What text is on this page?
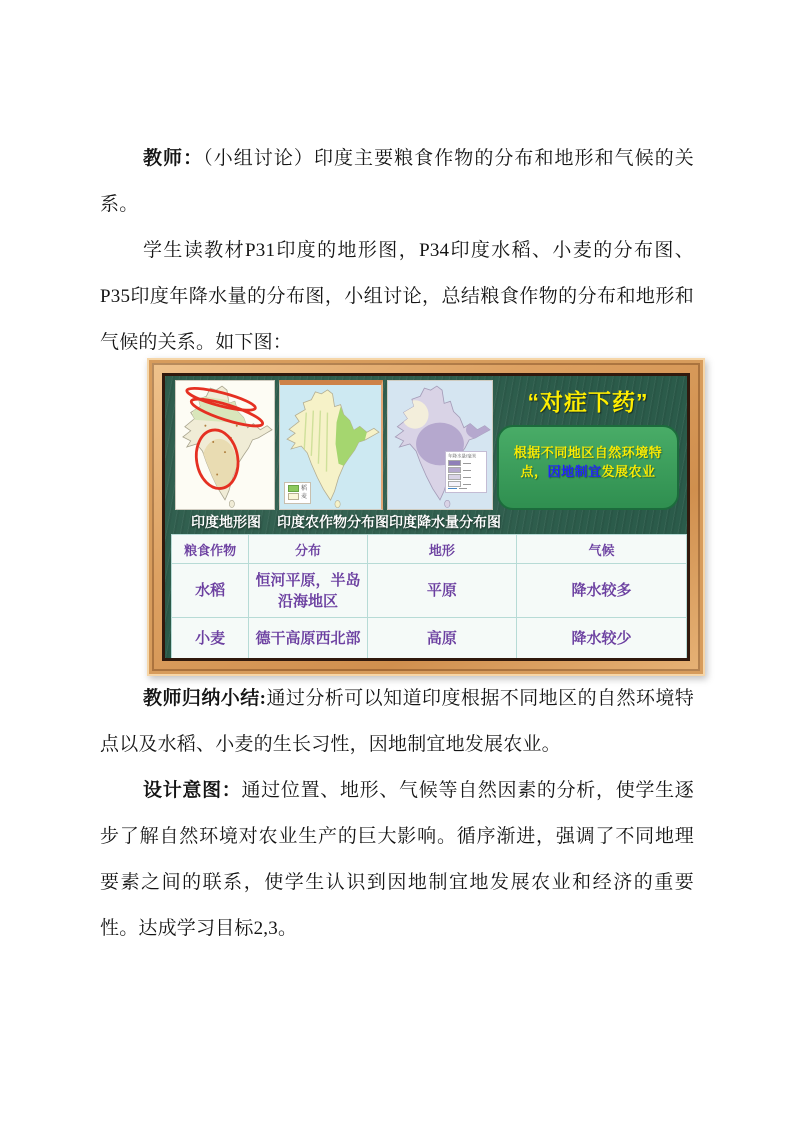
教师：（小组讨论）印度主要粮食作物的分布和地形和气候的关系。

学生读教材P31印度的地形图，P34印度水稻、小麦的分布图、P35印度年降水量的分布图，小组讨论，总结粮食作物的分布和地形和气候的关系。如下图：

稻
麦
年降水量/毫米
“对症下药”
根据不同地区自然环境特点，因地制宜发展农业
印度地形图	印度农作物分布图 印度降水量分布图
粮食作物	分布	地形	气候
水稻	恒河平原，半岛沿海地区	平原	降水较多
小麦	德干高原西北部	高原	降水较少

教师归纳小结:通过分析可以知道印度根据不同地区的自然环境特点以及水稻、小麦的生长习性，因地制宜地发展农业。

设计意图：通过位置、地形、气候等自然因素的分析，使学生逐步了解自然环境对农业生产的巨大影响。循序渐进，强调了不同地理要素之间的联系，使学生认识到因地制宜地发展农业和经济的重要性。达成学习目标2,3。
